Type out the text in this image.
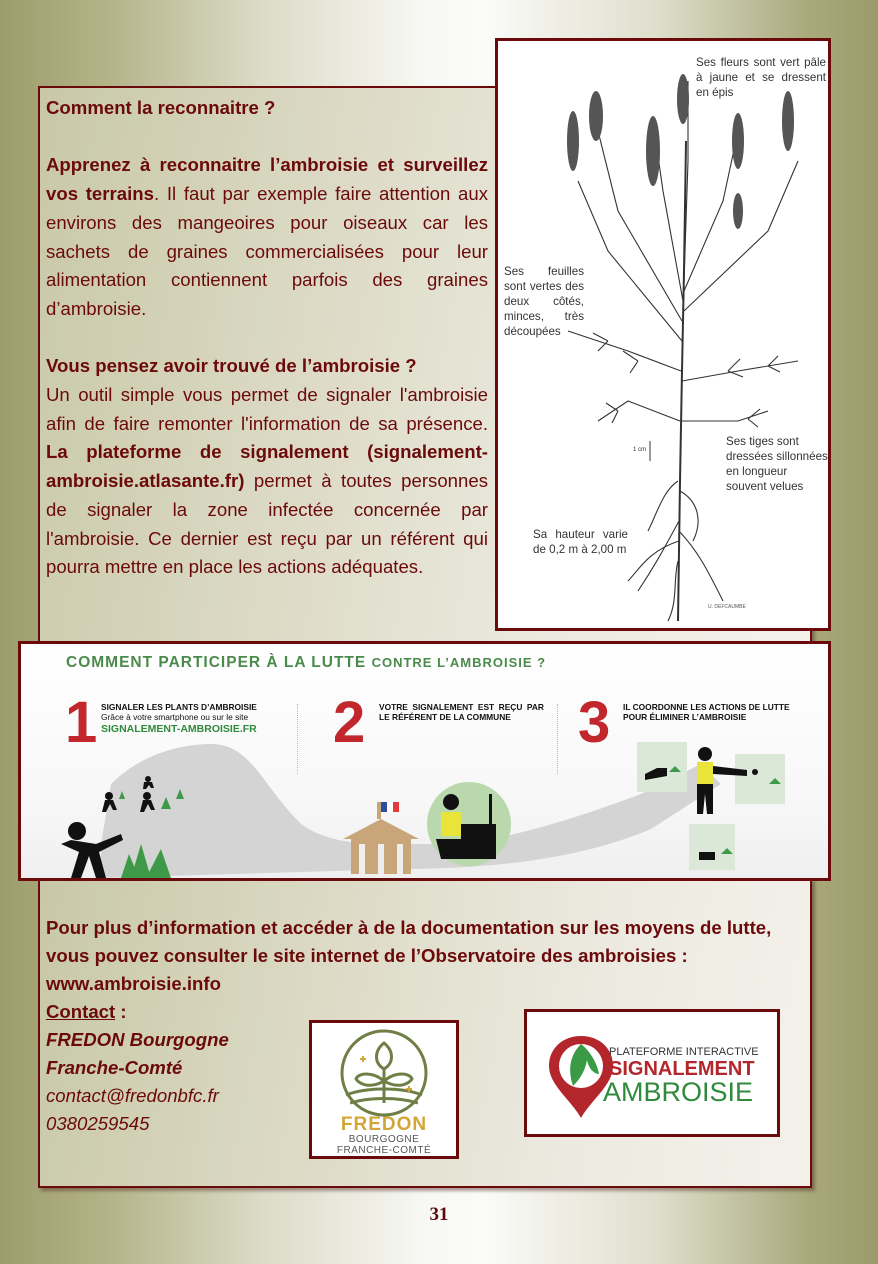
Comment la reconnaitre ?

Apprenez à reconnaitre l’ambroisie et surveillez vos terrains. Il faut par exemple faire attention aux environs des mangeoires pour oiseaux car les sachets de graines commercialisées pour leur alimentation contiennent parfois des graines d’ambroisie.

Vous pensez avoir trouvé de l’ambroisie ?

Un outil simple vous permet de signaler l'ambroisie afin de faire remonter l'information de sa présence. La plateforme de signalement (signalement-ambroisie.atlasante.fr) permet à toutes personnes de signaler la zone infectée concernée par l'ambroisie. Ce dernier est reçu par un référent qui pourra mettre en place les actions adéquates.

Ses fleurs sont vert pâle à jaune et se dressent en épis
Ses feuilles sont vertes des deux côtés, minces, très découpées
Ses tiges sont dressées sillonnées en longueur souvent velues
Sa hauteur varie de 0,2 m à 2,00 m
1 cm
U. DEFCAUMBE
COMMENT PARTICIPER À LA LUTTE CONTRE L’AMBROISIE ?
1 SIGNALER LES PLANTS D’AMBROISIE
Grâce à votre smartphone ou sur le site
SIGNALEMENT-AMBROISIE.FR	2 VOTRE SIGNALEMENT EST REÇU PAR LE RÉFÉRENT DE LA COMMUNE	3 IL COORDONNE LES ACTIONS DE LUTTE POUR ÉLIMINER L’AMBROISIE
Pour plus d’information et accéder à de la documentation sur les moyens de lutte, vous pouvez consulter le site internet de l’Observatoire des ambroisies :
www.ambroisie.info
Contact :
FREDON Bourgogne
Franche-Comté
contact@fredonbfc.fr
0380259545	FREDON
BOURGOGNE
FRANCHE-COMTÉ
PLATEFORME INTERACTIVE
SIGNALEMENT
AMBROISIE
31
